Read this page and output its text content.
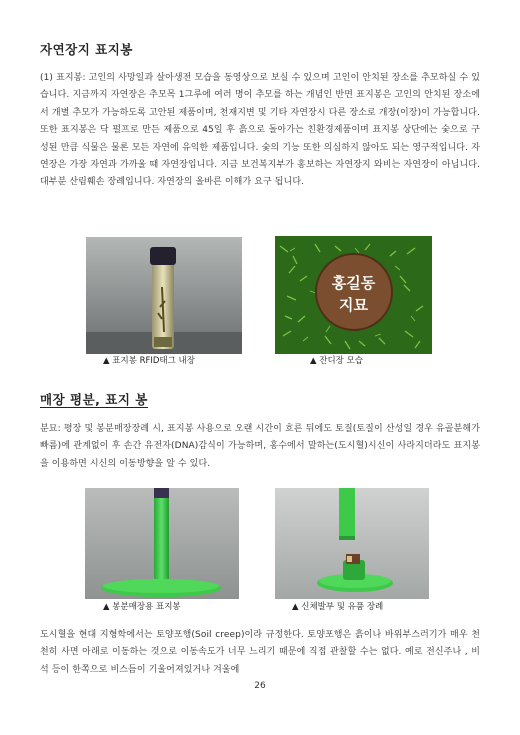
자연장지 표지봉
(1) 표지봉: 고인의 사망일과 살아생전 모습을 동영상으로 보실 수 있으며 고인이 안치된 장소를 추모하실 수 있습니다. 지금까지 자연장은 추모목 1그루에 여러 명이 추모를 하는 개념인 반면 표지봉은 고인의 안치된 장소에서 개별 추모가 가능하도록 고안된 제품이며, 천재지변 및 기타 자연장시 다른 장소로 개장(이장)이 가능합니다. 또한 표지봉은 닥 펄프로 만든 제품으로 45일 후 흙으로 돌아가는 친환경제품이며 표지봉 상단에는 숯으로 구성된 만큼 식물은 물론 모든 자연에 유익한 제품입니다. 숯의 기능 또한 의심하지 않아도 되는 영구적입니다. 자연장은 가장 자연과 가까울 때 자연장입니다. 지금 보건복지부가 홍보하는 자연장지 와비는 자연장이 아닙니다. 대부분 산림훼손 장례입니다. 자연장의 올바른 이해가 요구 됩니다.
▲ 표지봉 RFID태그 내장
홍길동
지묘
▲ 잔디장 모습
매장 평분, 표지 봉
분묘: 평장 및 봉분매장장례 시, 표지봉 사용으로 오랜 시간이 흐른 뒤에도 토질(토질이 산성일 경우 유골분해가 빠름)에 관계없이 후 손간 유전자(DNA)감식이 가능하며, 홍수에서 말하는(도시혈)시신이 사라지더라도 표지봉을 이용하면 시신의 이동방향을 알 수 있다.
▲ 봉분매장용 표지봉	▲ 신체발부 및 유품 장례
도시혈을 현대 지형학에서는 토양포행(Soil creep)이라 규정한다. 토양포행은 흙이나 바위부스러기가 매우 천천히 사면 아래로 이동하는 것으로 이동속도가 너무 느리기 때문에 직접 관찰할 수는 없다. 예로 전신주나 , 비석 등이 한쪽으로 비스듬이 기울어져있거나 겨울에
26
